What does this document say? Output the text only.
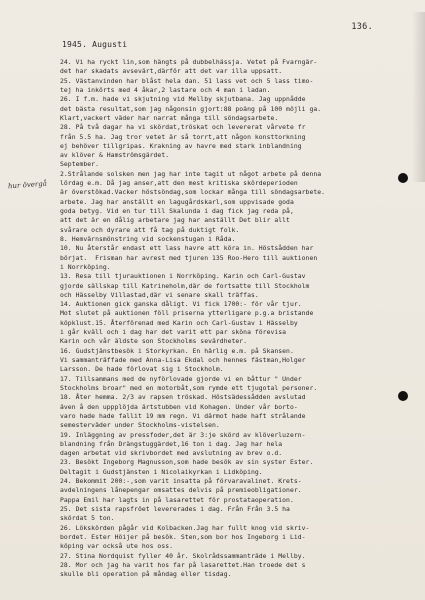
136.
1945. Augusti
hur övergå
24. Vi ha ryckt lin,som hängts på dubbelhässja. Vetet på Fvarngär-
det har skadats avsevärt,därför att det var illa uppsatt.
25. Västanvinden har blåst hela dan. 51 lass vet och 5 lass timo-
tej ha inkörts med 4 åkar,2 lastare och 4 man i ladan.
26. I f.m. hade vi skjutning vid Mellby skjutbana. Jag uppnådde
det bästa resultat,som jag någonsin gjort:88 poäng på 100 möjli ga.
Klart,vackert väder har narrat många till söndagsarbete.
28. På två dagar ha vi skördat,tröskat och levererat vårvete fr
från 5.5 ha. Jag tror vetet är så torrt,att någon konsttorkning
ej behöver tillgripas. Krakning av havre med stark inblandning
av klöver & Hamströmsgärdet.
September.
2.Strålande solsken men jag har inte tagit ut något arbete på denna
lördag e.m. Då jag anser,att den mest kritiska skördeperioden
är överstökad.Vacker höstsöndag,som lockar många till söndagsarbete.
arbete. Jag har anställt en lagugårdskarl,som uppvisade goda
goda betyg. Vid en tur till Skalunda i dag fick jag reda på,
att det är en dålig arbetare jag har anställt Det blir allt
svårare och dyrare att få tag på duktigt folk.
8. Hemvärnsmönstring vid sockenstugan i Råda.
10. Nu återstår endast ett lass havre att köra in. Höstsådden har
börjat.  Frisman har avrest med tjuren 135 Roo-Hero till auktionen
i Norrköping.
13. Resa till tjurauktionen i Norrköping. Karin och Carl-Gustav
gjorde sällskap till Katrineholm,där de fortsatte till Stockholm
och Hässelby Villastad,där vi senare skall träffas.
14. Auktionen gick ganska dåligt. Vi fick 1700:- för vår tjur.
Mot slutet på auktionen föll priserna ytterligare p.g.a bristande
köpklust.15. Återförenad med Karin och Carl-Gustav i Hässelby
i går kväll och i dag har det varit ett par sköna förevisa
Karin och vår äldste son Stockholms sevärdheter.
16. Gudstjänstbesök i Storkyrkan. En härlig e.m. på Skansen.
Vi sammanträffade med Anna-Lisa Ekdal och hennes fästman,Holger
Larsson. De hade förlovat sig i Stockholm.
17. Tillsammans med de nyförlovade gjorde vi en båttur " Under
Stockholms broar" med en motorbåt,som rymde ett tjugotal personer.
18. Åter hemma. 2/3 av rapsen tröskad. Höstsädessådden avslutad
även å den uppplöjda ärtstubben vid Kohagen. Under vår borto-
varo hade hade fallit 19 mm regn. Vi därmot hade haft strålande
semesterväder under Stockholms-vistelsen.
19. Inläggning av pressfoder,det är 3:je skörd av klöverluzern-
blandning från Drängstuggärdet,16 ton i dag. Jag har hela
dagen arbetat vid skrivbordet med avslutning av brev o.d.
23. Besökt Ingeborg Magnusson,som hade besök av sin syster Ester.
Deltagit i Gudstjänsten i Nicolaikyrkan i Lidköping.
24. Bekommit 200:-,som varit insatta på förvaravalinet. Krets-
avdelningens lånepengar omsattes delvis på premieobligationer.
Pappa Emil har lagts in på lasarettet för prostataoperation.
25. Det sista rapsfröet levererades i dag. Från Från 3.5 ha
skördat 5 ton.
26. Lökskörden pågår vid Kolbacken.Jag har fullt knog vid skriv-
bordet. Ester Höijer på besök. Sten,som bor hos Ingeborg i Lid-
köping var också ute hos oss.
27. Stina Nordquist fyller 40 år. Skolrådssammanträde i Mellby.
28. Mor och jag ha varit hos far på lasarettet.Han troede det s
skulle bli operation på måndag eller tisdag.
